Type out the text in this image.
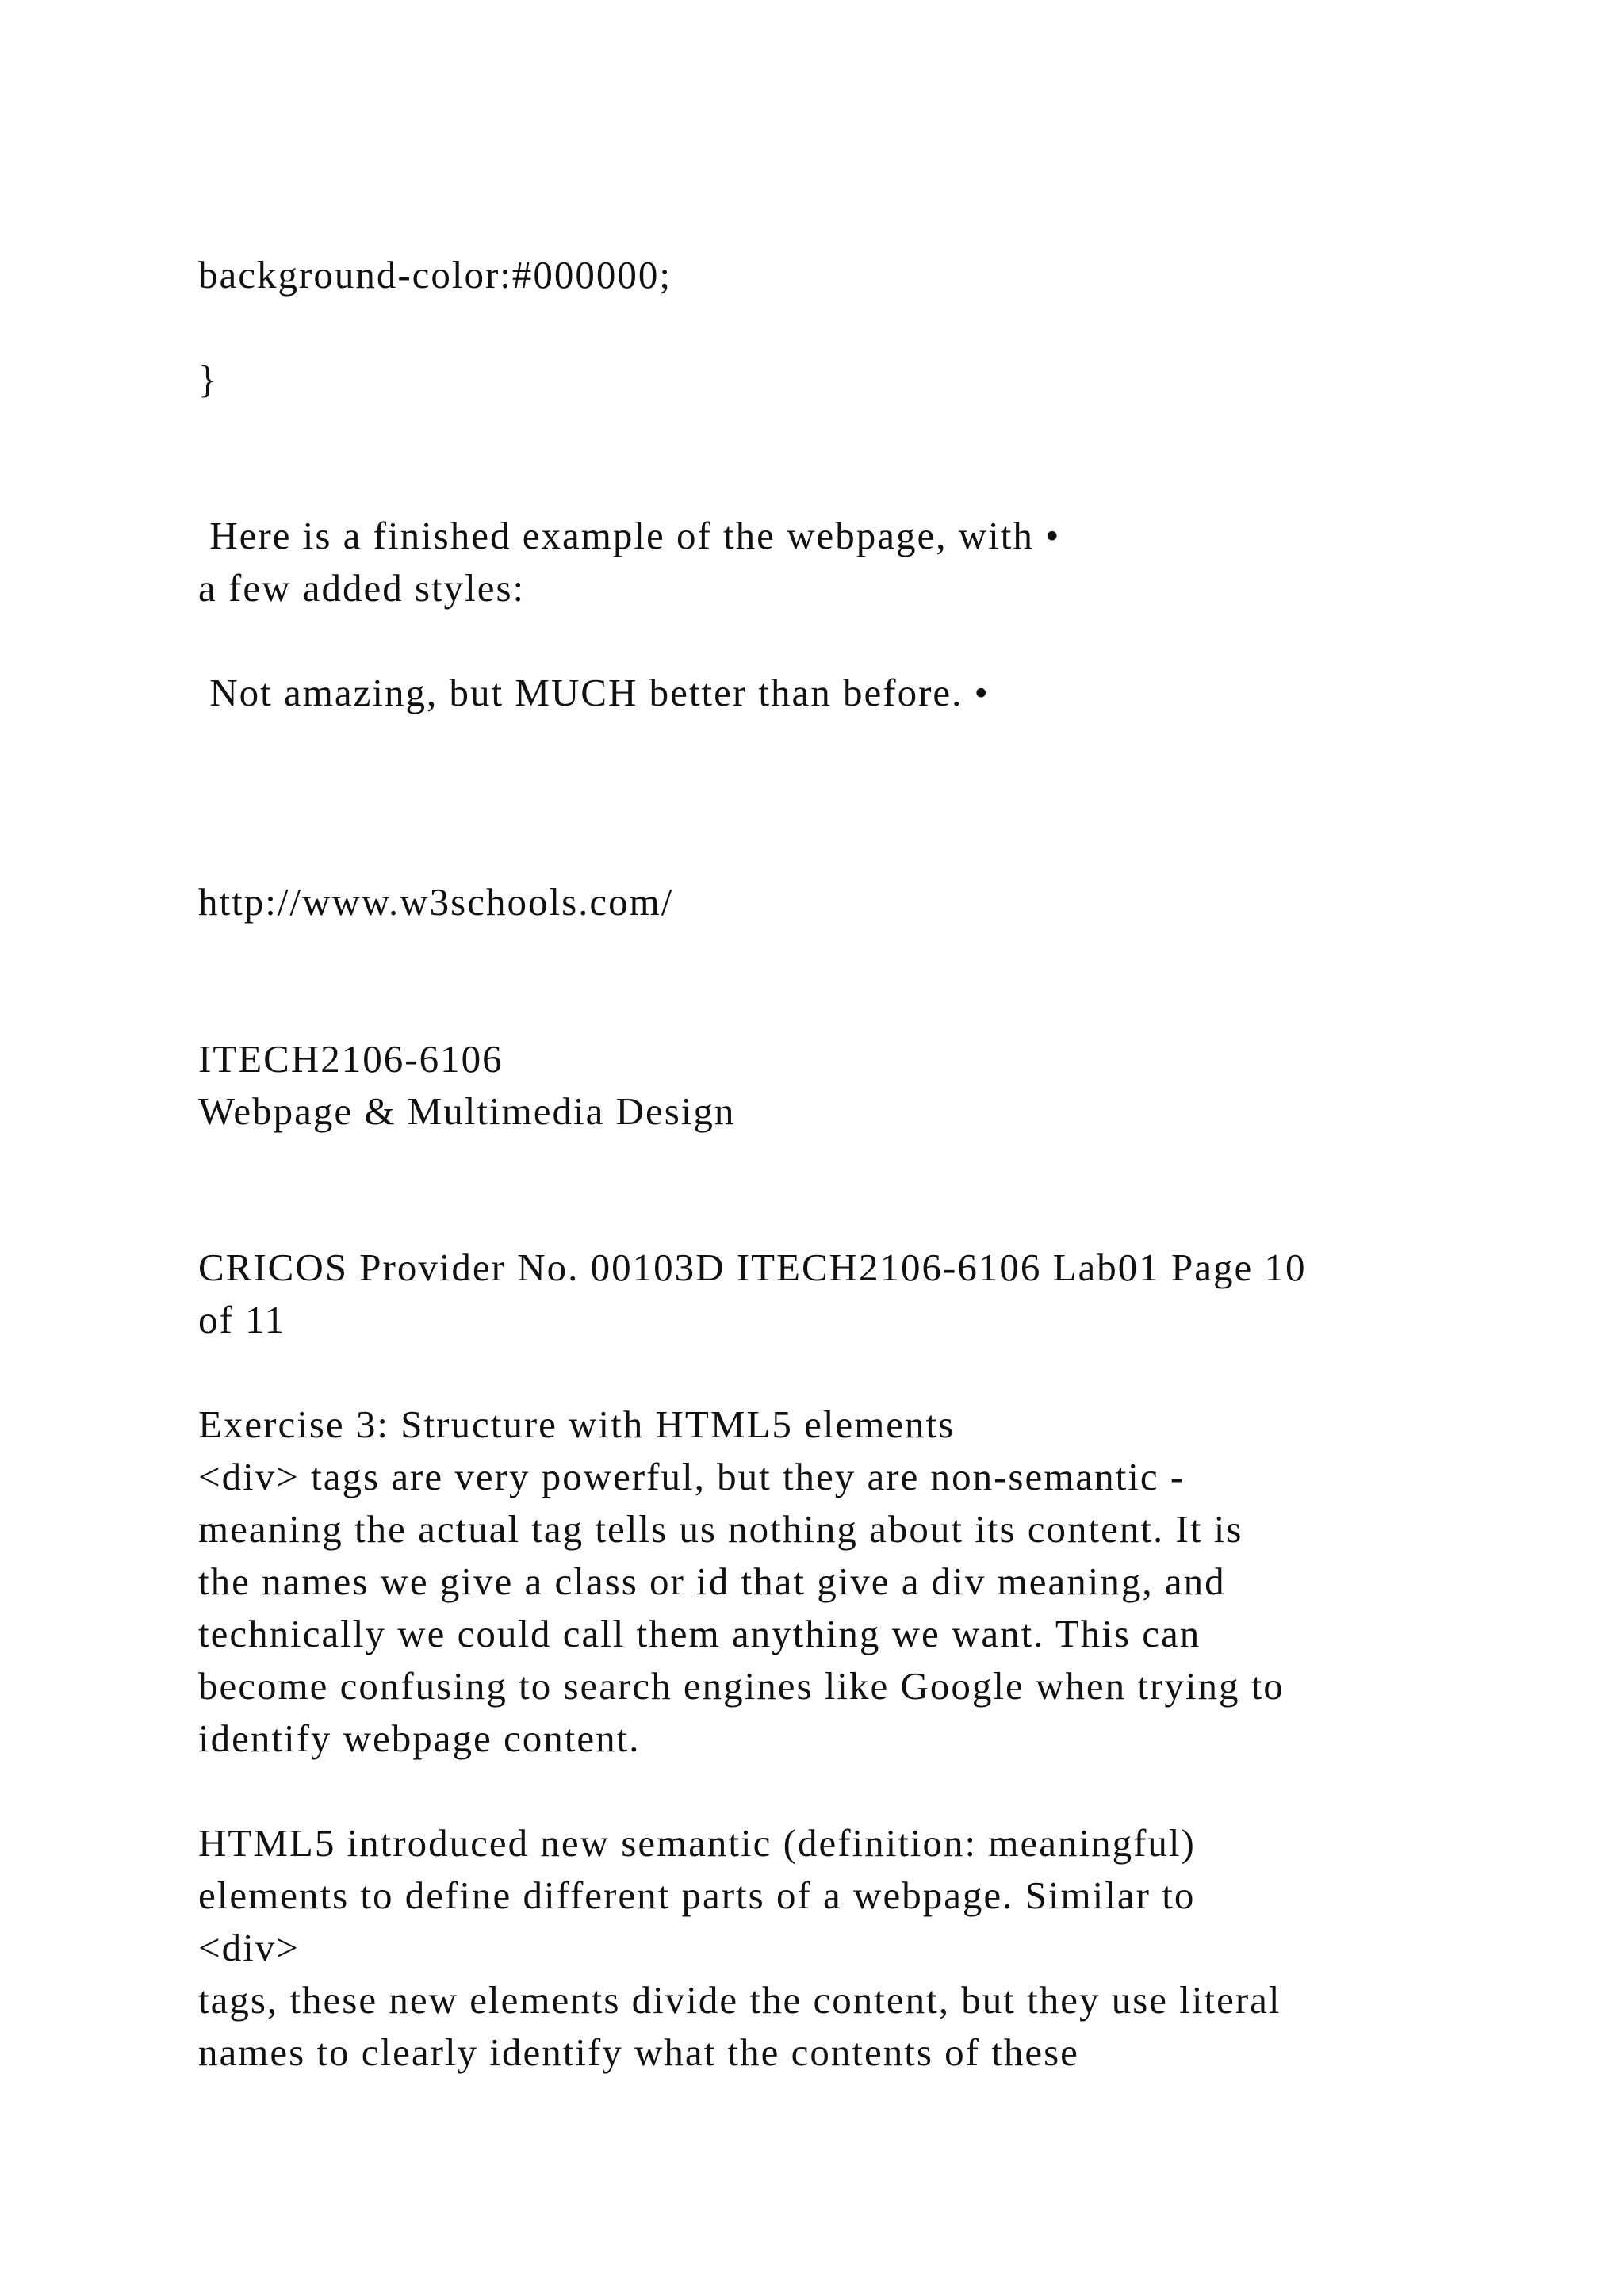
background-color:#000000;
}
Here is a finished example of the webpage, with •
a few added styles:
Not amazing, but MUCH better than before. •
http://www.w3schools.com/
ITECH2106-6106
Webpage & Multimedia Design
CRICOS Provider No. 00103D ITECH2106-6106 Lab01 Page 10
of 11
Exercise 3: Structure with HTML5 elements
<div> tags are very powerful, but they are non-semantic -
meaning the actual tag tells us nothing about its content. It is
the names we give a class or id that give a div meaning, and
technically we could call them anything we want. This can
become confusing to search engines like Google when trying to
identify webpage content.
HTML5 introduced new semantic (definition: meaningful)
elements to define different parts of a webpage. Similar to
<div>
tags, these new elements divide the content, but they use literal
names to clearly identify what the contents of these
